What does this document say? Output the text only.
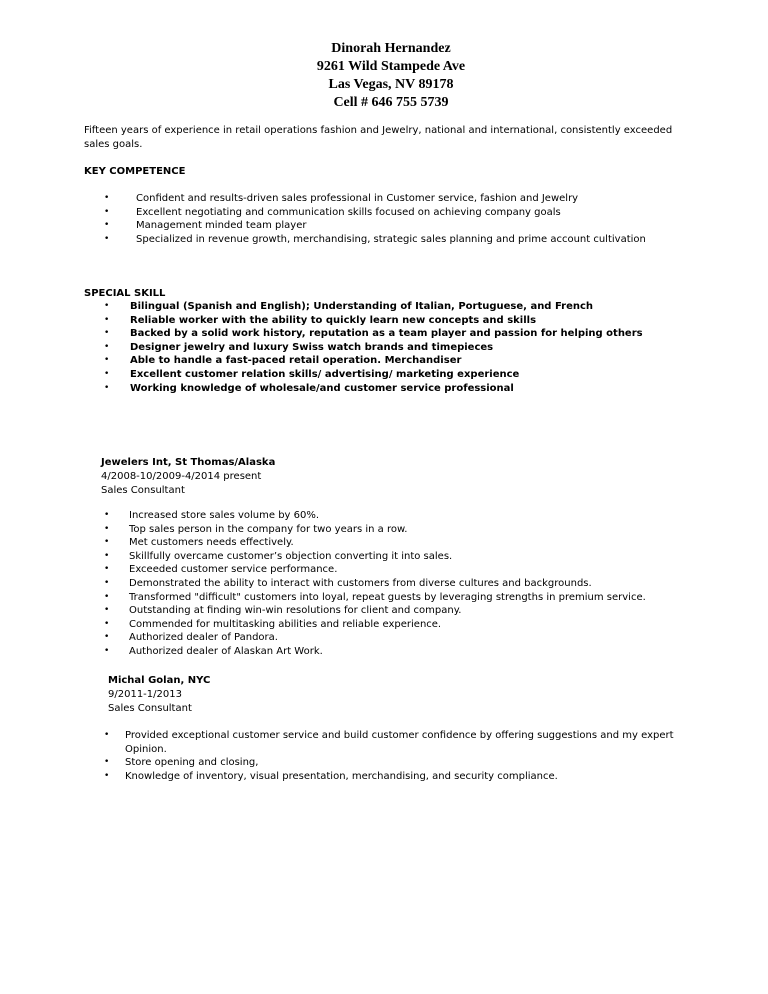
Dinorah Hernandez
9261 Wild Stampede Ave
Las Vegas, NV 89178
Cell # 646 755 5739
Fifteen years of experience in retail operations fashion and Jewelry, national and international, consistently exceeded sales goals.
KEY COMPETENCE
•	Confident and results-driven sales professional in Customer service, fashion and Jewelry
•	Excellent negotiating and communication skills focused on achieving company goals
•	Management minded team player
•	Specialized in revenue growth, merchandising, strategic sales planning and prime account cultivation
SPECIAL SKILL
• Bilingual (Spanish and English); Understanding of Italian, Portuguese, and French
• Reliable worker with the ability to quickly learn new concepts and skills
• Backed by a solid work history, reputation as a team player and passion for helping others
• Designer jewelry and luxury Swiss watch brands and timepieces
• Able to handle a fast-paced retail operation. Merchandiser
• Excellent customer relation skills/ advertising/ marketing experience
• Working knowledge of wholesale/and customer service professional
Jewelers Int, St Thomas/Alaska
4/2008-10/2009-4/2014 present
Sales Consultant
• Increased store sales volume by 60%.
• Top sales person in the company for two years in a row.
• Met customers needs effectively.
• Skillfully overcame customer’s objection converting it into sales.
• Exceeded customer service performance.
• Demonstrated the ability to interact with customers from diverse cultures and backgrounds.
• Transformed "difficult" customers into loyal, repeat guests by leveraging strengths in premium service.
• Outstanding at finding win-win resolutions for client and company.
• Commended for multitasking abilities and reliable experience.
• Authorized dealer of Pandora.
• Authorized dealer of Alaskan Art Work.
Michal Golan, NYC
9/2011-1/2013
Sales Consultant
• Provided exceptional customer service and build customer confidence by offering suggestions and my expert Opinion.
• Store opening and closing,
• Knowledge of inventory, visual presentation, merchandising, and security compliance.
